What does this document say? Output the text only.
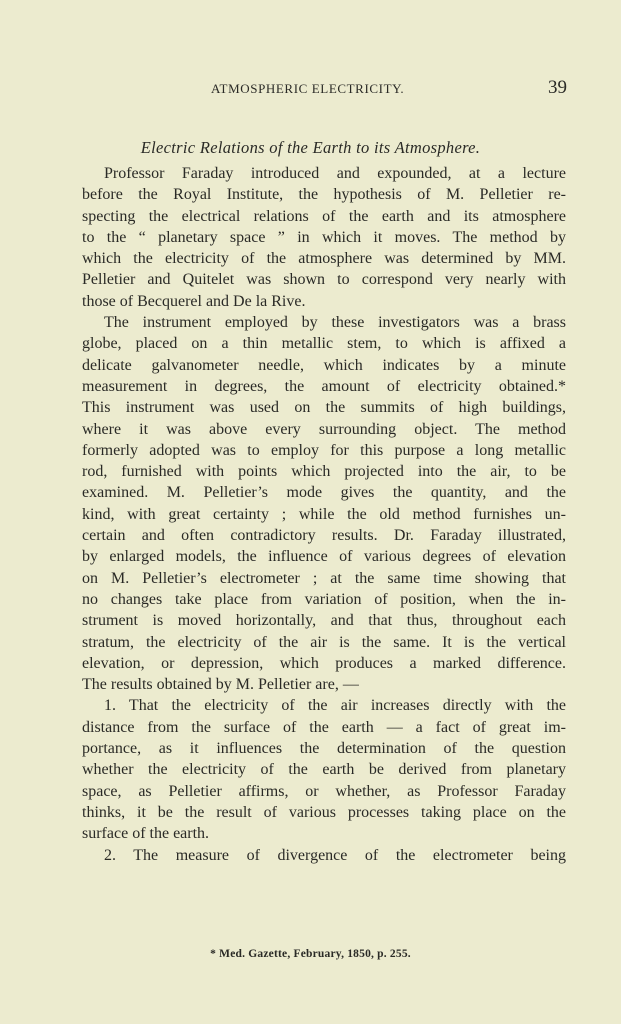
ATMOSPHERIC ELECTRICITY.	39
Electric Relations of the Earth to its Atmosphere.
Professor Faraday introduced and expounded, at a lecture
before the Royal Institute, the hypothesis of M. Pelletier re-
specting the electrical relations of the earth and its atmosphere
to the “ planetary space ” in which it moves. The method by
which the electricity of the atmosphere was determined by MM.
Pelletier and Quitelet was shown to correspond very nearly with
those of Becquerel and De la Rive.
The instrument employed by these investigators was a brass
globe, placed on a thin metallic stem, to which is affixed a
delicate galvanometer needle, which indicates by a minute
measurement in degrees, the amount of electricity obtained.*
This instrument was used on the summits of high buildings,
where it was above every surrounding object. The method
formerly adopted was to employ for this purpose a long metallic
rod, furnished with points which projected into the air, to be
examined. M. Pelletier’s mode gives the quantity, and the
kind, with great certainty ; while the old method furnishes un-
certain and often contradictory results. Dr. Faraday illustrated,
by enlarged models, the influence of various degrees of elevation
on M. Pelletier’s electrometer ; at the same time showing that
no changes take place from variation of position, when the in-
strument is moved horizontally, and that thus, throughout each
stratum, the electricity of the air is the same. It is the vertical
elevation, or depression, which produces a marked difference.
The results obtained by M. Pelletier are, —
1. That the electricity of the air increases directly with the
distance from the surface of the earth — a fact of great im-
portance, as it influences the determination of the question
whether the electricity of the earth be derived from planetary
space, as Pelletier affirms, or whether, as Professor Faraday
thinks, it be the result of various processes taking place on the
surface of the earth.
2. The measure of divergence of the electrometer being
* Med. Gazette, February, 1850, p. 255.
